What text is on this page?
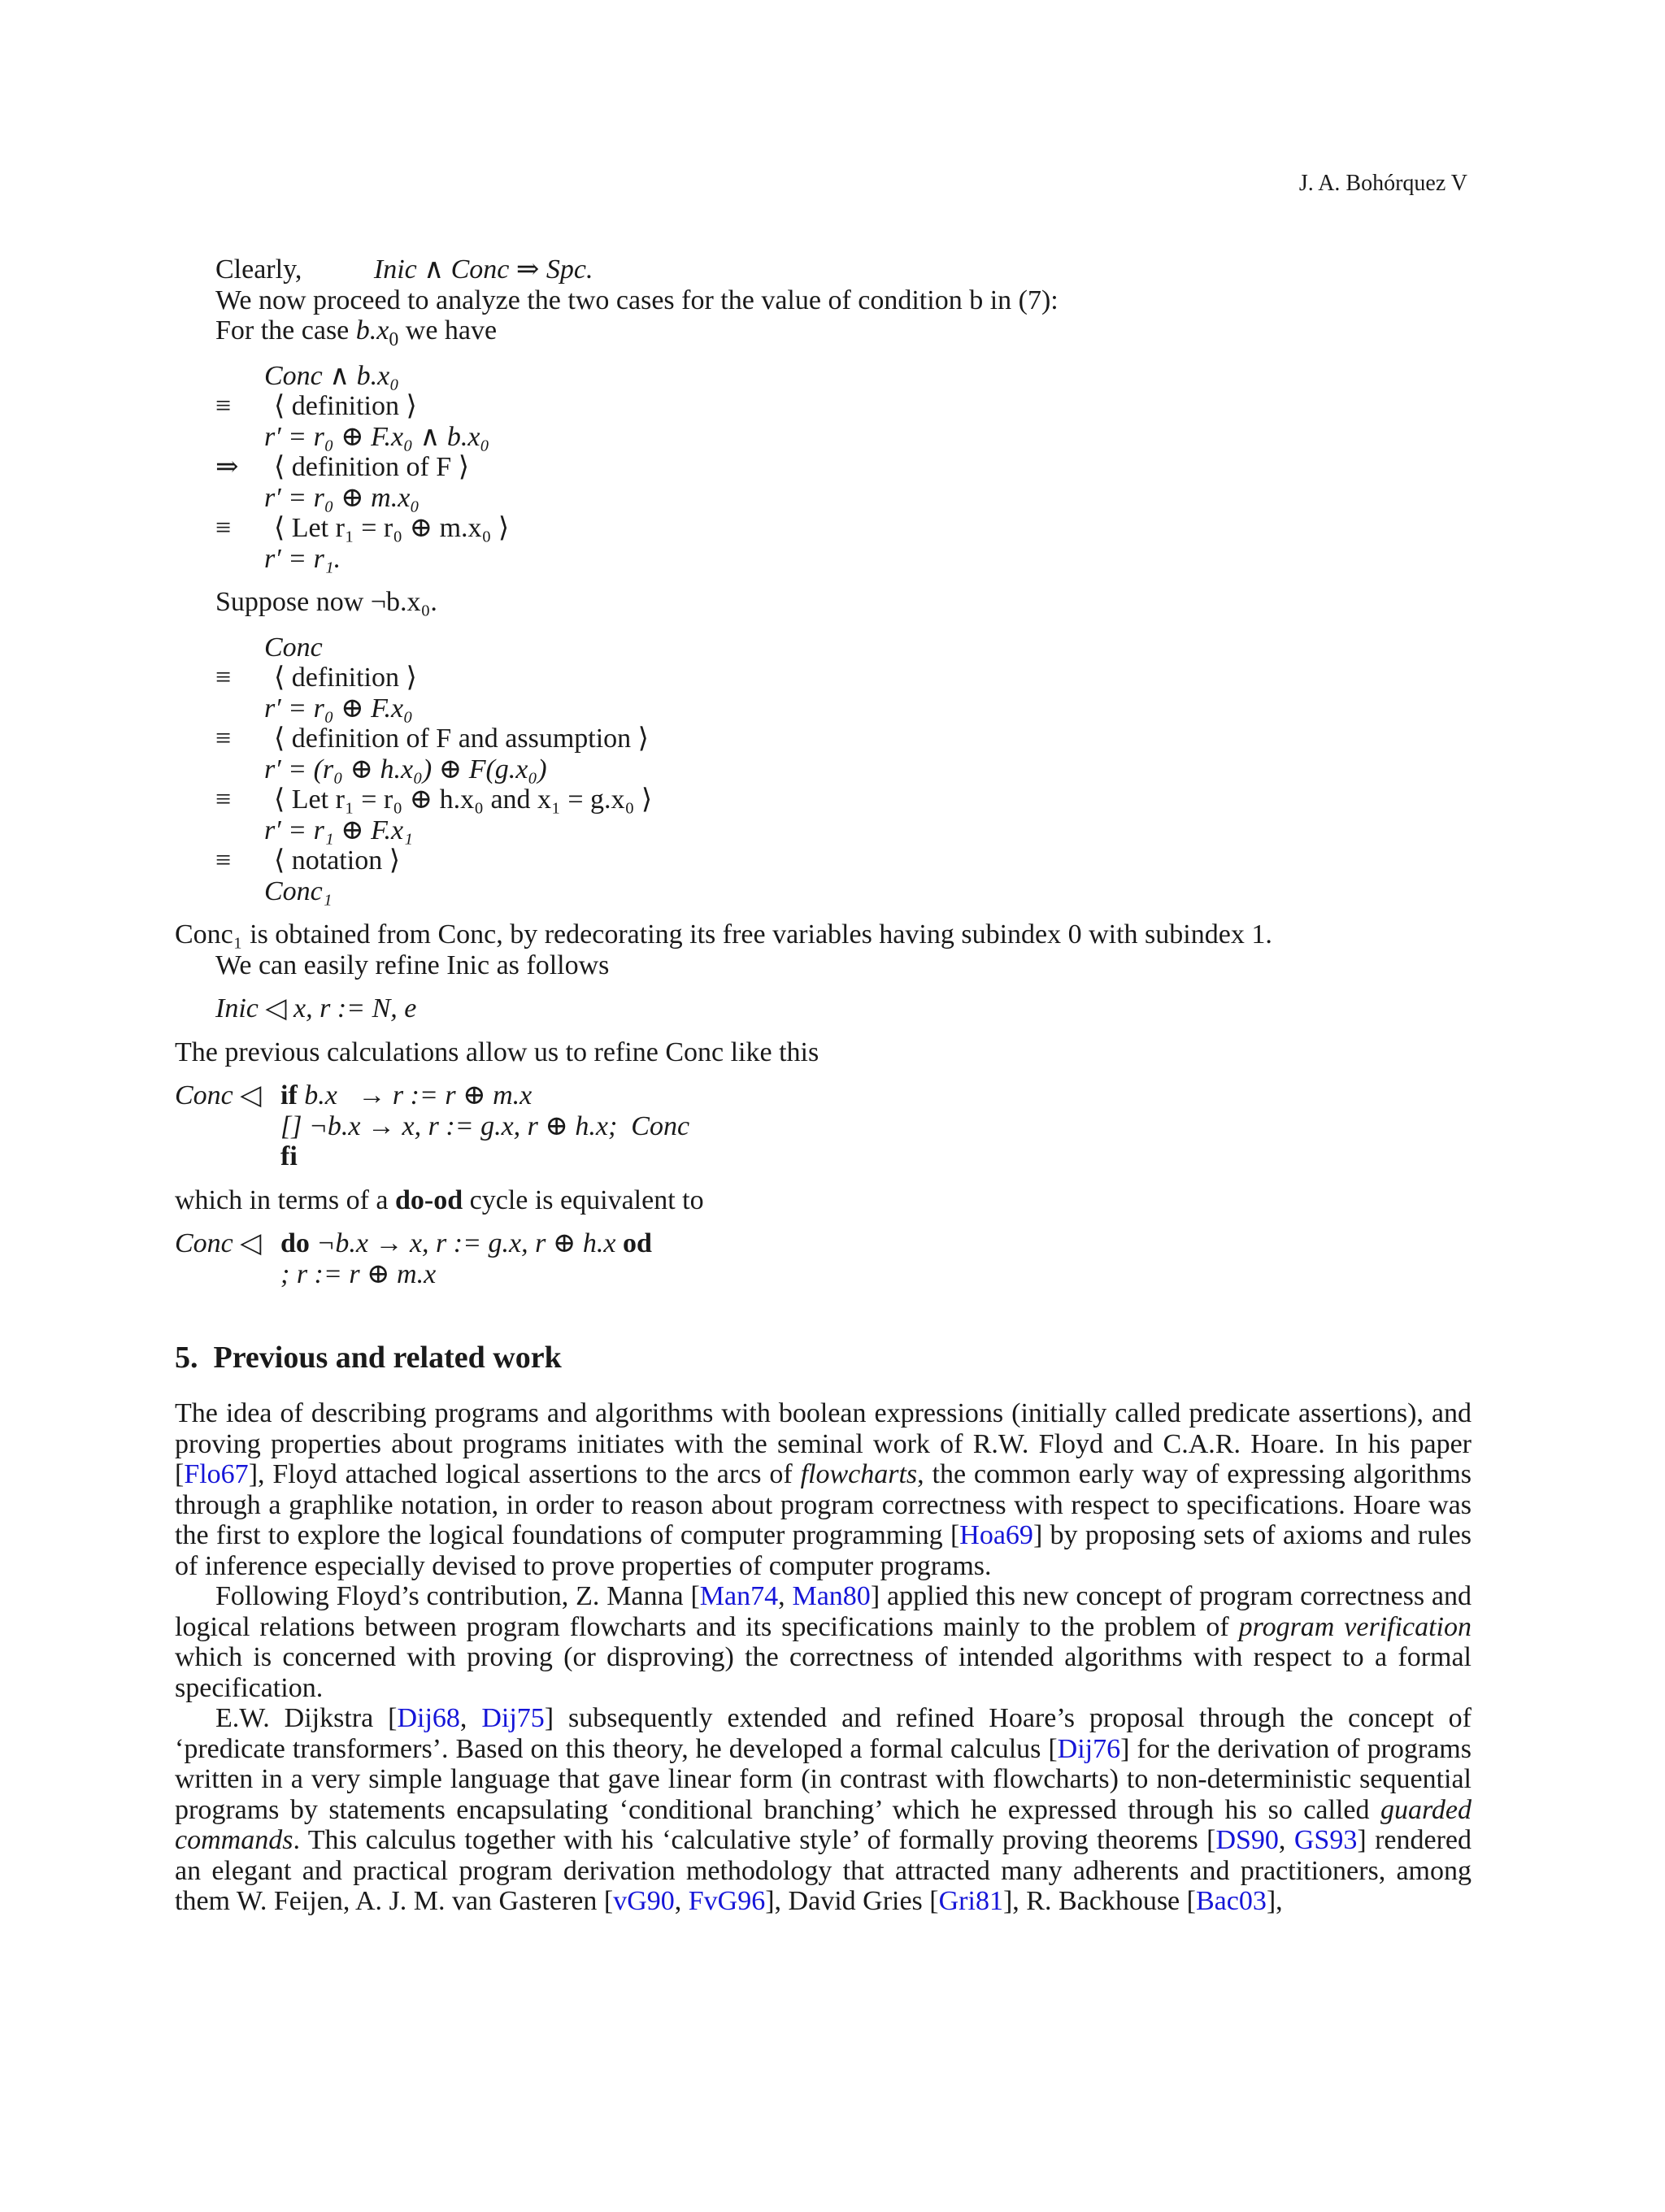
J. A. Bohórquez V
Clearly,	Inic ∧ Conc ⇒ Spc.
We now proceed to analyze the two cases for the value of condition b in (7):
For the case $b.x_0$ we have
Conc ∧ b.x₀
≡	⟨ definition ⟩
r′ = r₀ ⊕ F.x₀ ∧ b.x₀
⇒	⟨ definition of F ⟩
r′ = r₀ ⊕ m.x₀
≡	⟨ Let r₁ = r₀ ⊕ m.x₀ ⟩
r′ = r₁.
Suppose now ¬b.x₀.
Conc
≡	⟨ definition ⟩
r′ = r₀ ⊕ F.x₀
≡	⟨ definition of F and assumption ⟩
r′ = (r₀ ⊕ h.x₀) ⊕ F(g.x₀)
≡	⟨ Let r₁ = r₀ ⊕ h.x₀ and x₁ = g.x₀ ⟩
r′ = r₁ ⊕ F.x₁
≡	⟨ notation ⟩
Conc₁
Conc₁ is obtained from Conc, by redecorating its free variables having subindex 0 with subindex 1.
We can easily refine Inic as follows
Inic ◁ x, r := N, e
The previous calculations allow us to refine Conc like this
Conc ◁ if b.x   → r := r ⊕ m.x
[] ¬b.x → x, r := g.x, r ⊕ h.x;  Conc
fi
which in terms of a do-od cycle is equivalent to
Conc ◁ do ¬b.x → x, r := g.x, r ⊕ h.x od
; r := r ⊕ m.x
5. Previous and related work
The idea of describing programs and algorithms with boolean expressions (initially called predicate assertions), and proving properties about programs initiates with the seminal work of R.W. Floyd and C.A.R. Hoare. In his paper [Flo67], Floyd attached logical assertions to the arcs of flowcharts, the common early way of expressing algorithms through a graphlike notation, in order to reason about program correctness with respect to specifications. Hoare was the first to explore the logical foundations of computer programming [Hoa69] by proposing sets of axioms and rules of inference especially devised to prove properties of computer programs.
Following Floyd’s contribution, Z. Manna [Man74, Man80] applied this new concept of program correctness and logical relations between program flowcharts and its specifications mainly to the problem of program verification which is concerned with proving (or disproving) the correctness of intended algorithms with respect to a formal specification.
E.W. Dijkstra [Dij68, Dij75] subsequently extended and refined Hoare’s proposal through the concept of ‘predicate transformers’. Based on this theory, he developed a formal calculus [Dij76] for the derivation of programs written in a very simple language that gave linear form (in contrast with flowcharts) to non-deterministic sequential programs by statements encapsulating ‘conditional branching’ which he expressed through his so called guarded commands. This calculus together with his ‘calculative style’ of formally proving theorems [DS90, GS93] rendered an elegant and practical program derivation methodology that attracted many adherents and practitioners, among them W. Feijen, A. J. M. van Gasteren [vG90, FvG96], David Gries [Gri81], R. Backhouse [Bac03],
